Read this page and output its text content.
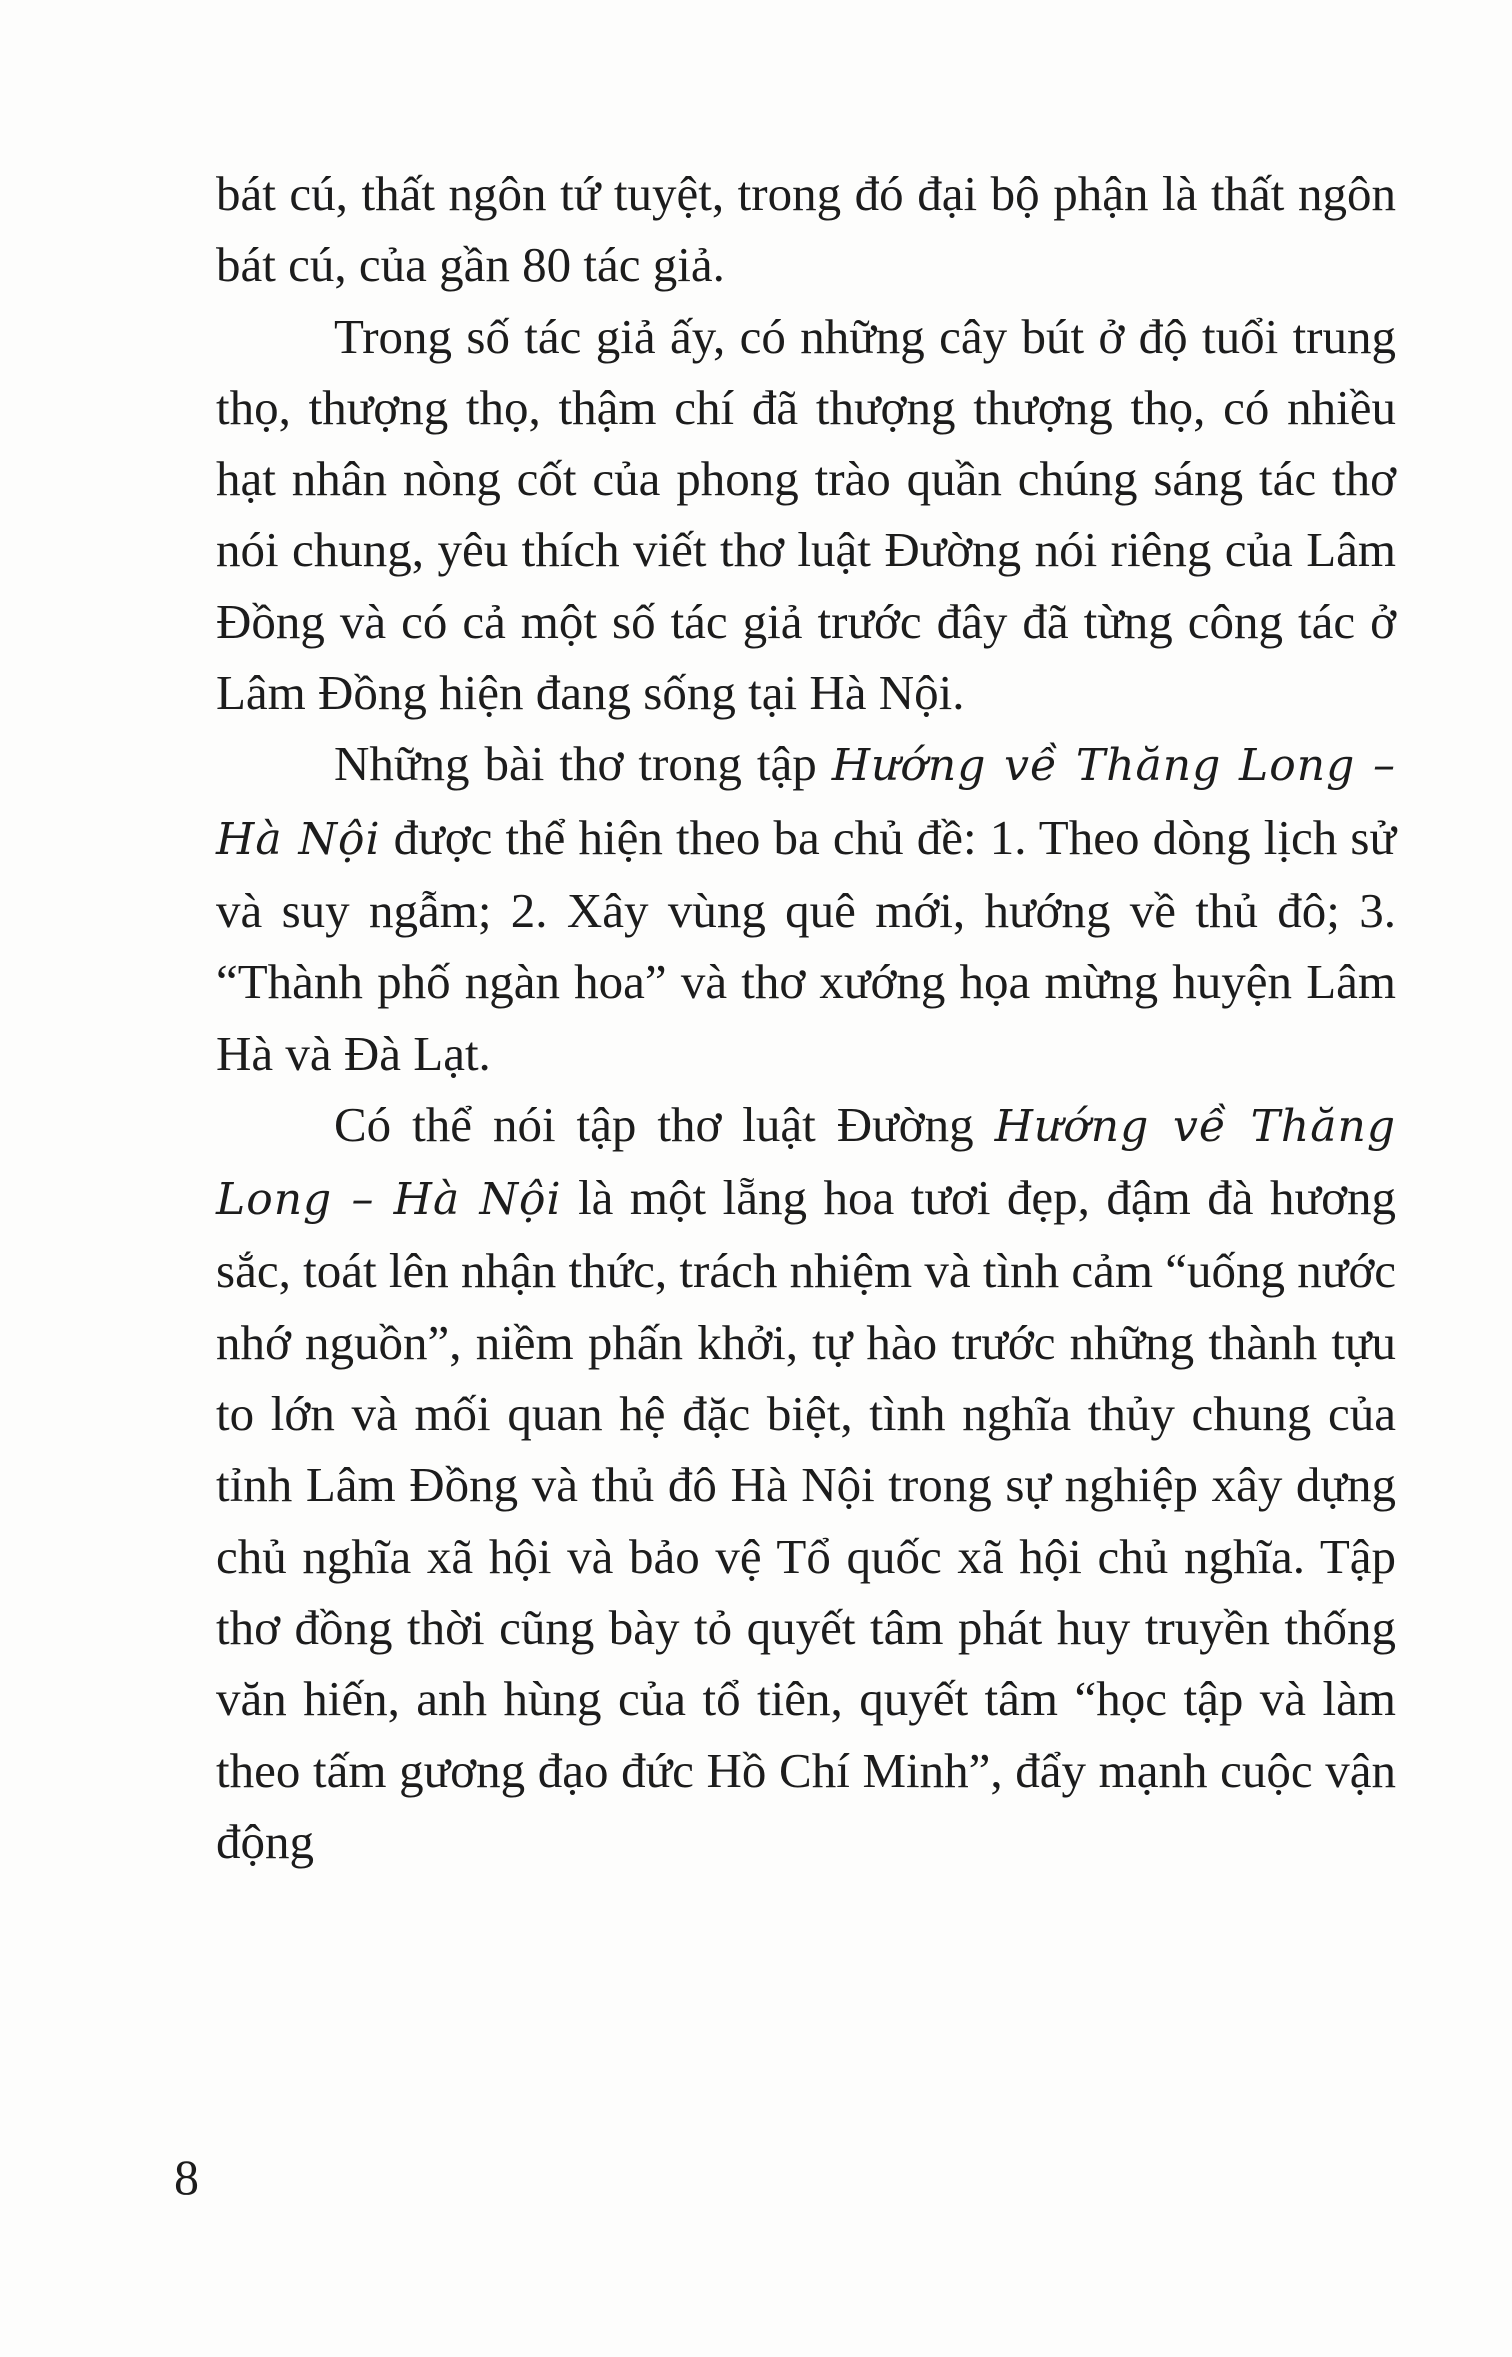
bát cú, thất ngôn tứ tuyệt, trong đó đại bộ phận là thất ngôn bát cú, của gần 80 tác giả.

Trong số tác giả ấy, có những cây bút ở độ tuổi trung thọ, thượng thọ, thậm chí đã thượng thượng thọ, có nhiều hạt nhân nòng cốt của phong trào quần chúng sáng tác thơ nói chung, yêu thích viết thơ luật Đường nói riêng của Lâm Đồng và có cả một số tác giả trước đây đã từng công tác ở Lâm Đồng hiện đang sống tại Hà Nội.

Những bài thơ trong tập Hướng về Thăng Long – Hà Nội được thể hiện theo ba chủ đề: 1. Theo dòng lịch sử và suy ngẫm; 2. Xây vùng quê mới, hướng về thủ đô; 3. “Thành phố ngàn hoa” và thơ xướng họa mừng huyện Lâm Hà và Đà Lạt.

Có thể nói tập thơ luật Đường Hướng về Thăng Long – Hà Nội là một lẵng hoa tươi đẹp, đậm đà hương sắc, toát lên nhận thức, trách nhiệm và tình cảm “uống nước nhớ nguồn”, niềm phấn khởi, tự hào trước những thành tựu to lớn và mối quan hệ đặc biệt, tình nghĩa thủy chung của tỉnh Lâm Đồng và thủ đô Hà Nội trong sự nghiệp xây dựng chủ nghĩa xã hội và bảo vệ Tổ quốc xã hội chủ nghĩa. Tập thơ đồng thời cũng bày tỏ quyết tâm phát huy truyền thống văn hiến, anh hùng của tổ tiên, quyết tâm “học tập và làm theo tấm gương đạo đức Hồ Chí Minh”, đẩy mạnh cuộc vận động

8
